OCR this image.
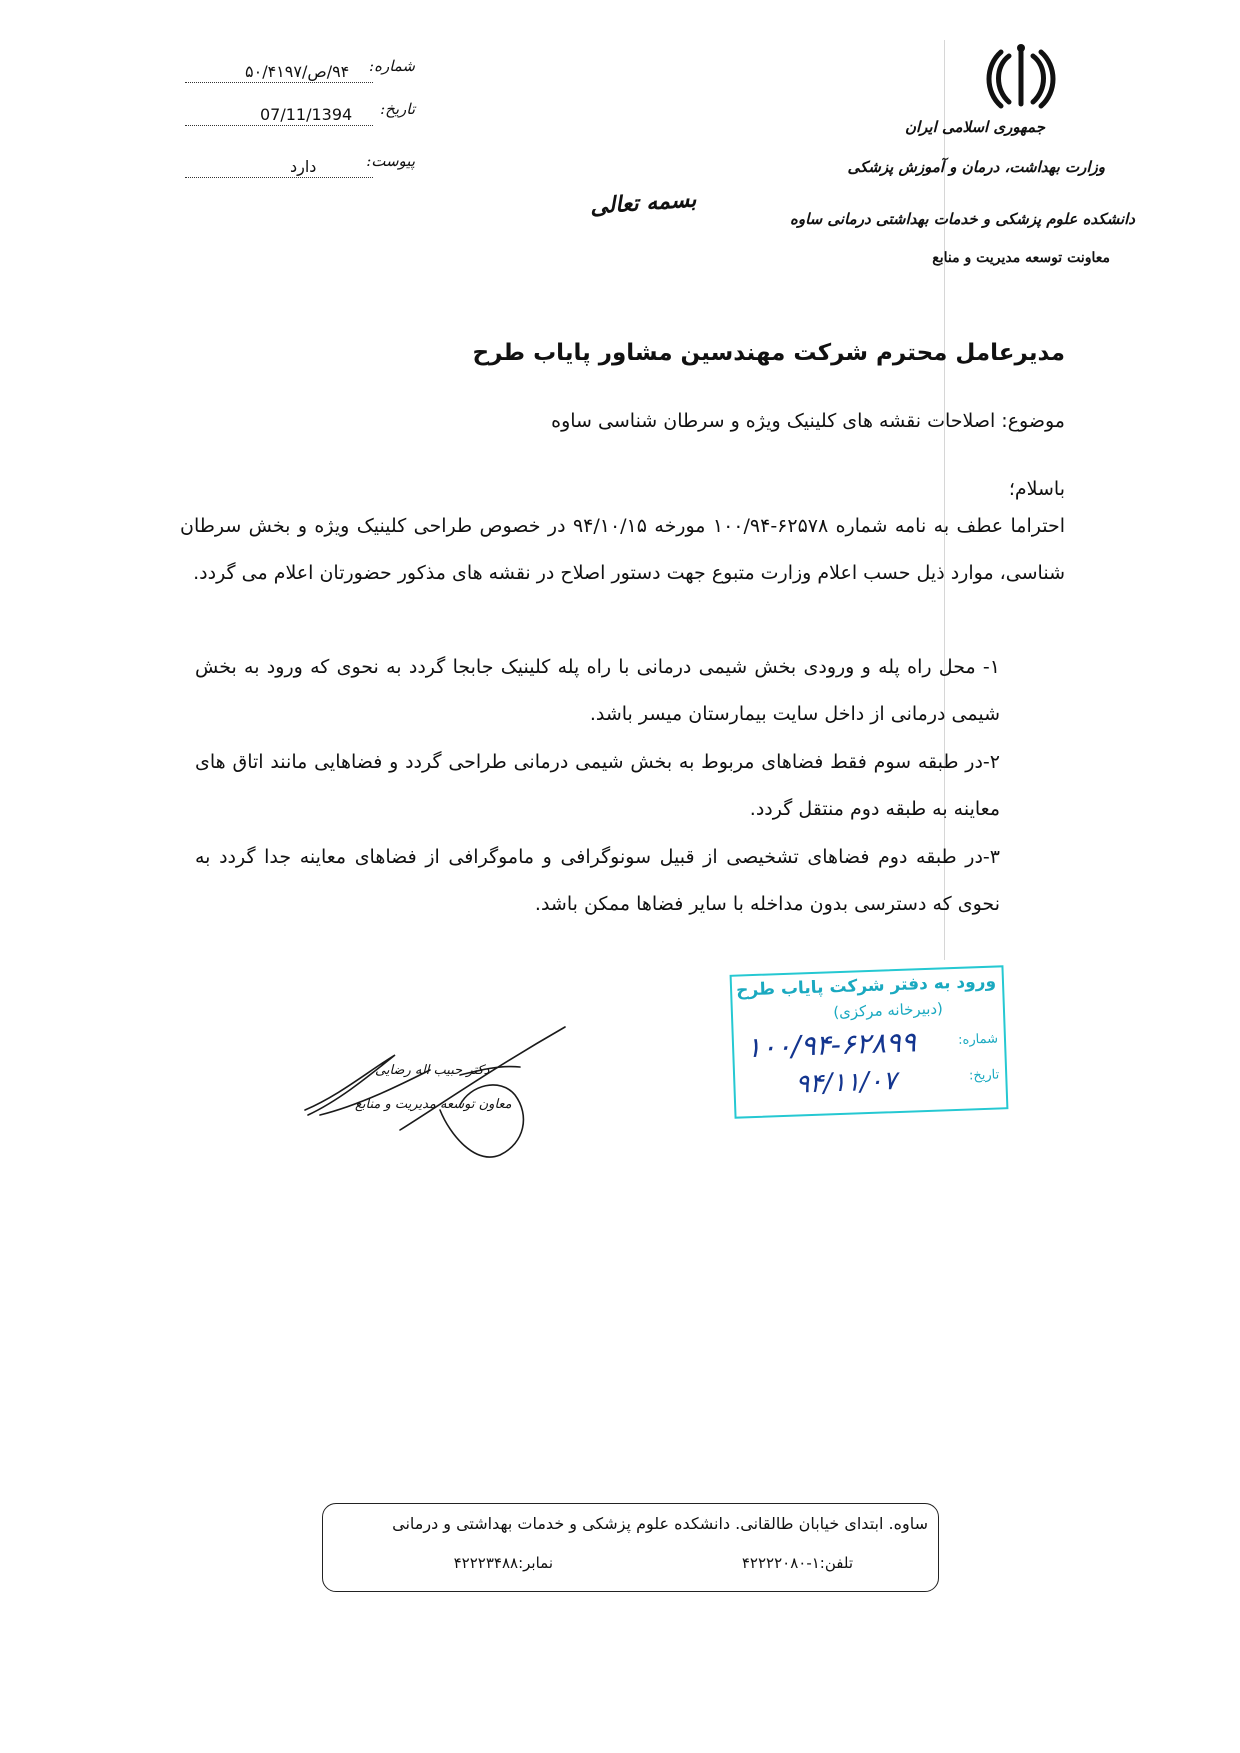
جمهوری اسلامی ایران
وزارت بهداشت، درمان و آموزش پزشکی
دانشکده علوم پزشکی و خدمات بهداشتی درمانی ساوه
معاونت توسعه مدیریت و منابع
شماره:
۹۴/ص/۵۰/۴۱۹۷
تاریخ:
07/11/1394
پیوست:
دارد
بسمه تعالی
مدیرعامل محترم شرکت مهندسین مشاور پایاب طرح
موضوع: اصلاحات نقشه های کلینیک ویژه و سرطان شناسی ساوه
باسلام؛
احتراما عطف به نامه شماره ۶۲۵۷۸-۱۰۰/۹۴ مورخه ۹۴/۱۰/۱۵ در خصوص طراحی کلینیک ویژه و بخش سرطان شناسی، موارد ذیل حسب اعلام وزارت متبوع جهت دستور اصلاح در نقشه های مذکور حضورتان اعلام می گردد.
۱- محل راه پله و ورودی بخش شیمی درمانی با راه پله کلینیک جابجا گردد به نحوی که ورود به بخش شیمی درمانی از داخل سایت بیمارستان میسر باشد.
۲-در طبقه سوم فقط فضاهای مربوط به بخش شیمی درمانی طراحی گردد و فضاهایی مانند اتاق های معاینه به طبقه دوم منتقل گردد.
۳-در طبقه دوم فضاهای تشخیصی از قبیل سونوگرافی و ماموگرافی از فضاهای معاینه جدا گردد به نحوی که دسترسی بدون مداخله با سایر فضاها ممکن باشد.
ورود به دفتر شرکت پایاب طرح
(دبیرخانه مرکزی)
شماره:
تاریخ:
۱۰۰/۹۴-۶۲۸۹۹
۹۴/۱۱/۰۷
دکتر حبیب اله رضایی
معاون توسعه مدیریت و منابع
ساوه. ابتدای خیابان طالقانی. دانشکده علوم پزشکی و خدمات بهداشتی و درمانی
تلفن:۱-۴۲۲۲۲۰۸۰
نمابر:۴۲۲۲۳۴۸۸
